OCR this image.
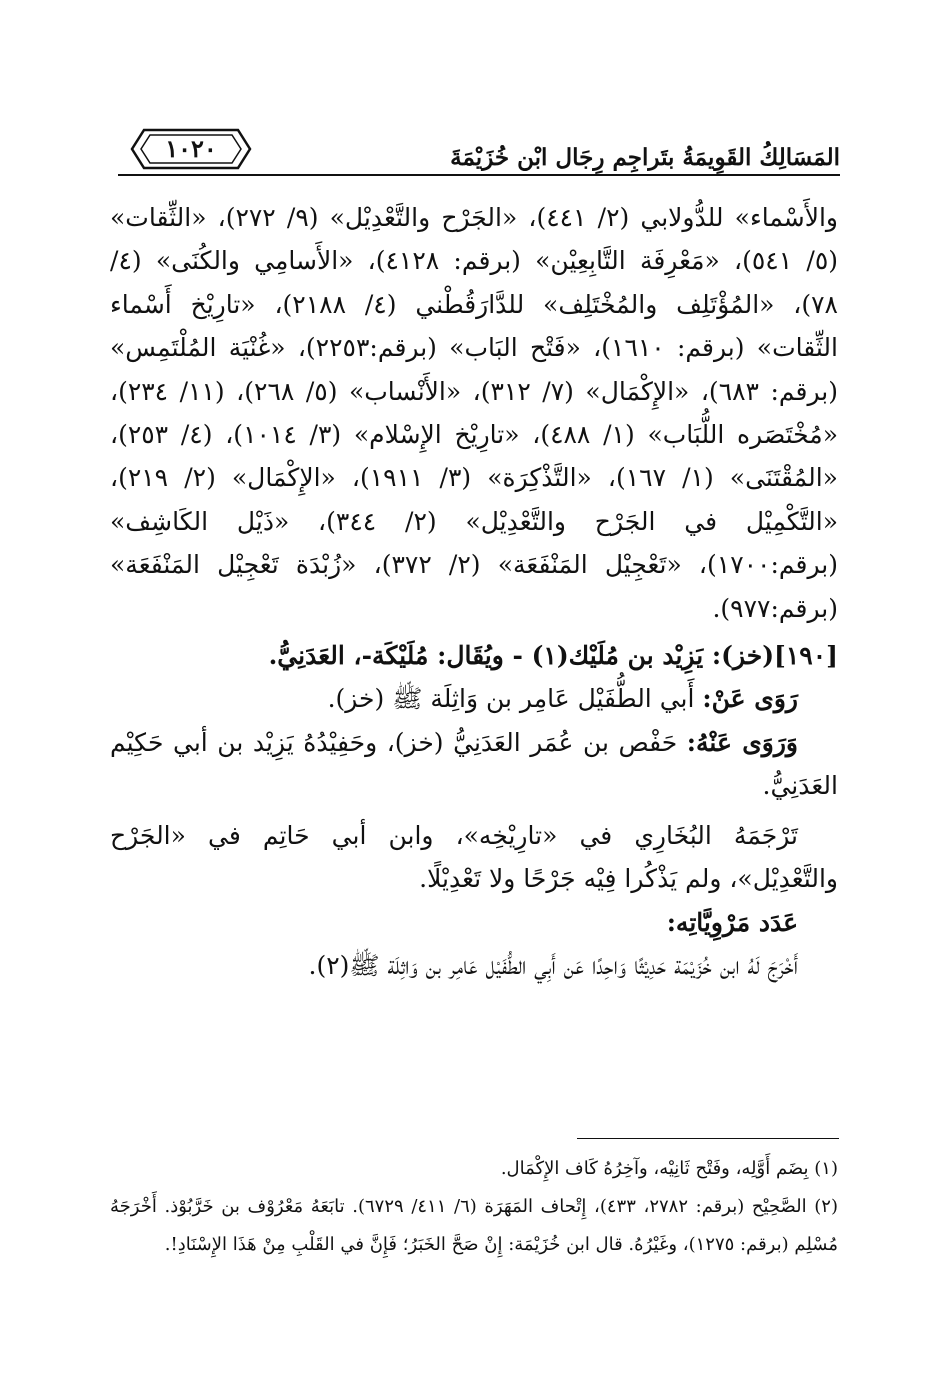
١٠٢٠	المَسَالِكُ القَوِيمَةُ بتَراجِم رِجَال ابْن خُزَيْمَةَ

والأَسْماء» للدُّولابي (٢/ ٤٤١)، «الجَرْح والتَّعْدِيْل» (٩/ ٢٧٢)، «الثِّقات» (٥/ ٥٤١)، «مَعْرِفَة التَّابِعِيْن» (برقم: ٤١٢٨)، «الأَسامِي والكُنَى» (٤/ ٧٨)، «المُؤْتَلِف والمُخْتَلِف» للدَّارَقُطْني (٤/ ٢١٨٨)، «تارِيْخ أَسْماء الثِّقات» (برقم: ١٦١٠)، «فَتْح البَاب» (برقم:٢٢٥٣)، «غُنْيَة المُلْتَمِس» (برقم: ٦٨٣)، «الإِكْمَال» (٧/ ٣١٢)، «الأَنْساب» (٥/ ٢٦٨)، (١١/ ٢٣٤)، «مُخْتَصَره اللُّبَاب» (١/ ٤٨٨)، «تارِيْخ الإِسْلام» (٣/ ١٠١٤)، (٤/ ٢٥٣)، «المُقْتَنَى» (١/ ١٦٧)، «التَّذْكِرَة» (٣/ ١٩١١)، «الإِكْمَال» (٢/ ٢١٩)، «التَّكْمِيْل في الجَرْح والتَّعْدِيْل» (٢/ ٣٤٤)، «ذَيْل الكَاشِف» (برقم:١٧٠٠)، «تَعْجِيْل المَنْفَعَة» (٢/ ٣٧٢)، «زُبْدَة تَعْجِيْل المَنْفَعَة» (برقم:٩٧٧).

[١٩٠](خز): يَزِيْد بن مُلَيْك(١) - ويُقَال: مُلَيْكَة-، العَدَنِيُّ.

رَوَى عَنْ: أَبي الطُّفَيْل عَامِر بن وَاثِلَة ﷺ (خز).

وَرَوَى عَنْهُ: حَفْص بن عُمَر العَدَنِيُّ (خز)، وحَفِيْدُهُ يَزِيْد بن أبي حَكِيْم العَدَنِيُّ.

تَرْجَمَهُ البُخَارِي في «تارِيْخِه»، وابن أبي حَاتِم في «الجَرْح والتَّعْدِيْل»، ولم يَذْكُرا فِيْه جَرْحًا ولا تَعْدِيْلًا.

عَدَد مَرْوِيَّاتِه:

أَخْرَجَ لَهُ ابن خُزَيْمَة حَدِيْثًا وَاحِدًا عَن أَبِي الطُّفَيْل عَامِر بن وَاثِلَة ﷺ(٢).

(١) بِضَم أَوَّلِه، وفَتْح ثَانِيْه، وآخِرُهُ كَاف الإِكْمَال.

(٢) الصَّحِيْح (برقم: ٢٧٨٢، ٤٣٣)، إِتْحاف المَهَرَة (٦/ ٤١١/ ٦٧٢٩). تابَعَهُ مَعْرُوْف بن خَرَّبُوْذ. أَخْرَجَهُ مُسْلِم (برقم: ١٢٧٥)، وغَيْرُهُ. قال ابن خُزَيْمَة: إِنْ صَحَّ الخَبَرُ؛ فَإِنَّ في القَلْبِ مِنْ هَذَا الإِسْنَادِ!.
